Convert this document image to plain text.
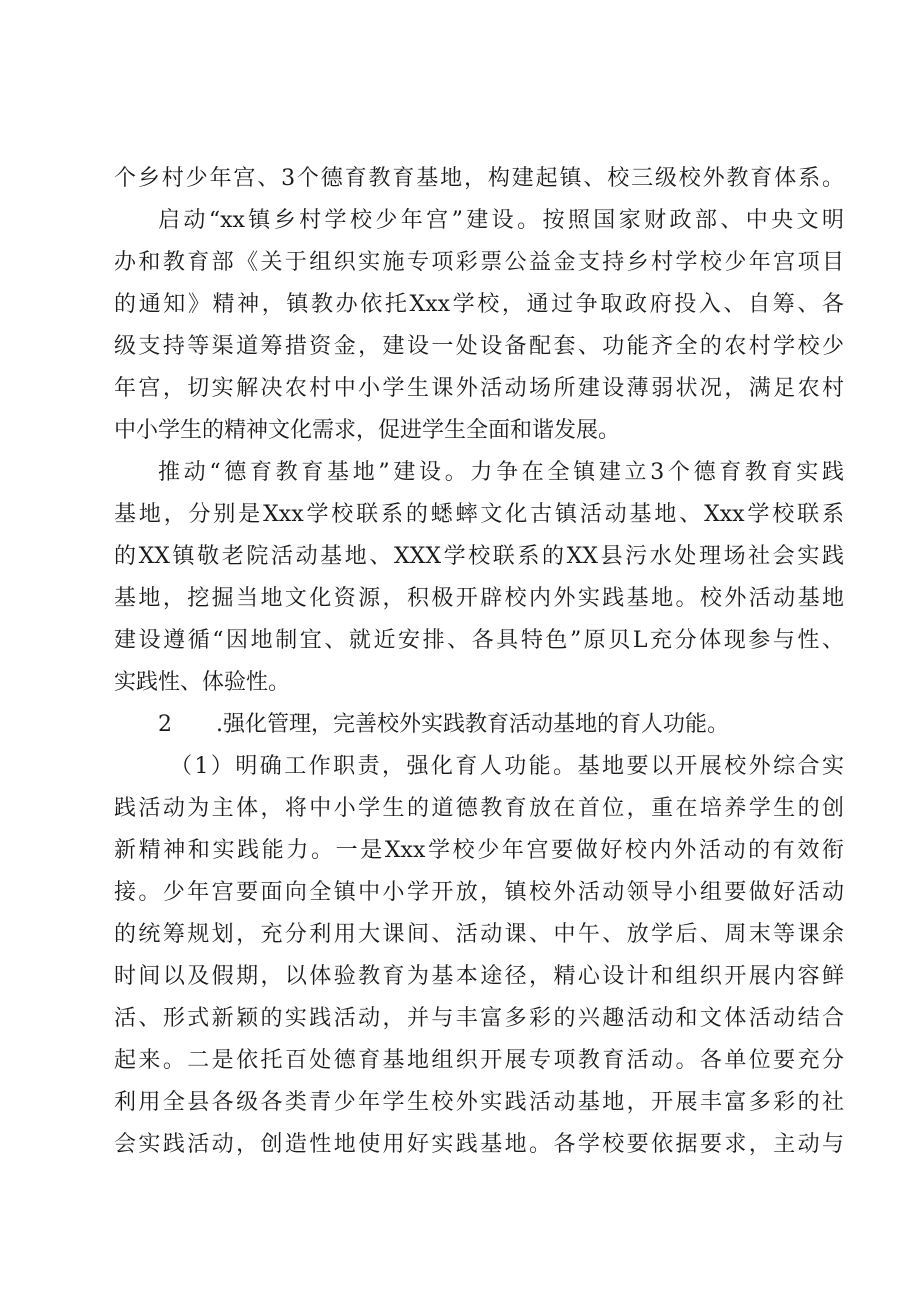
个乡村少年宫、3个德育教育基地，构建起镇、校三级校外教育体系。
启动“xx镇乡村学校少年宫”建设。按照国家财政部、中央文明
办和教育部《关于组织实施专项彩票公益金支持乡村学校少年宫项目
的通知》精神，镇教办依托Xxx学校，通过争取政府投入、自筹、各
级支持等渠道筹措资金，建设一处设备配套、功能齐全的农村学校少
年宫，切实解决农村中小学生课外活动场所建设薄弱状况，满足农村
中小学生的精神文化需求，促进学生全面和谐发展。
推动“德育教育基地”建设。力争在全镇建立3个德育教育实践
基地，分别是Xxx学校联系的蟋蟀文化古镇活动基地、Xxx学校联系
的XX镇敬老院活动基地、XXX学校联系的XX县污水处理场社会实践
基地，挖掘当地文化资源，积极开辟校内外实践基地。校外活动基地
建设遵循“因地制宜、就近安排、各具特色”原贝L充分体现参与性、
实践性、体验性。
2 .强化管理，完善校外实践教育活动基地的育人功能。
（1）明确工作职责，强化育人功能。基地要以开展校外综合实
践活动为主体，将中小学生的道德教育放在首位，重在培养学生的创
新精神和实践能力。一是Xxx学校少年宫要做好校内外活动的有效衔
接。少年宫要面向全镇中小学开放，镇校外活动领导小组要做好活动
的统筹规划，充分利用大课间、活动课、中午、放学后、周末等课余
时间以及假期，以体验教育为基本途径，精心设计和组织开展内容鲜
活、形式新颖的实践活动，并与丰富多彩的兴趣活动和文体活动结合
起来。二是依托百处德育基地组织开展专项教育活动。各单位要充分
利用全县各级各类青少年学生校外实践活动基地，开展丰富多彩的社
会实践活动，创造性地使用好实践基地。各学校要依据要求，主动与
